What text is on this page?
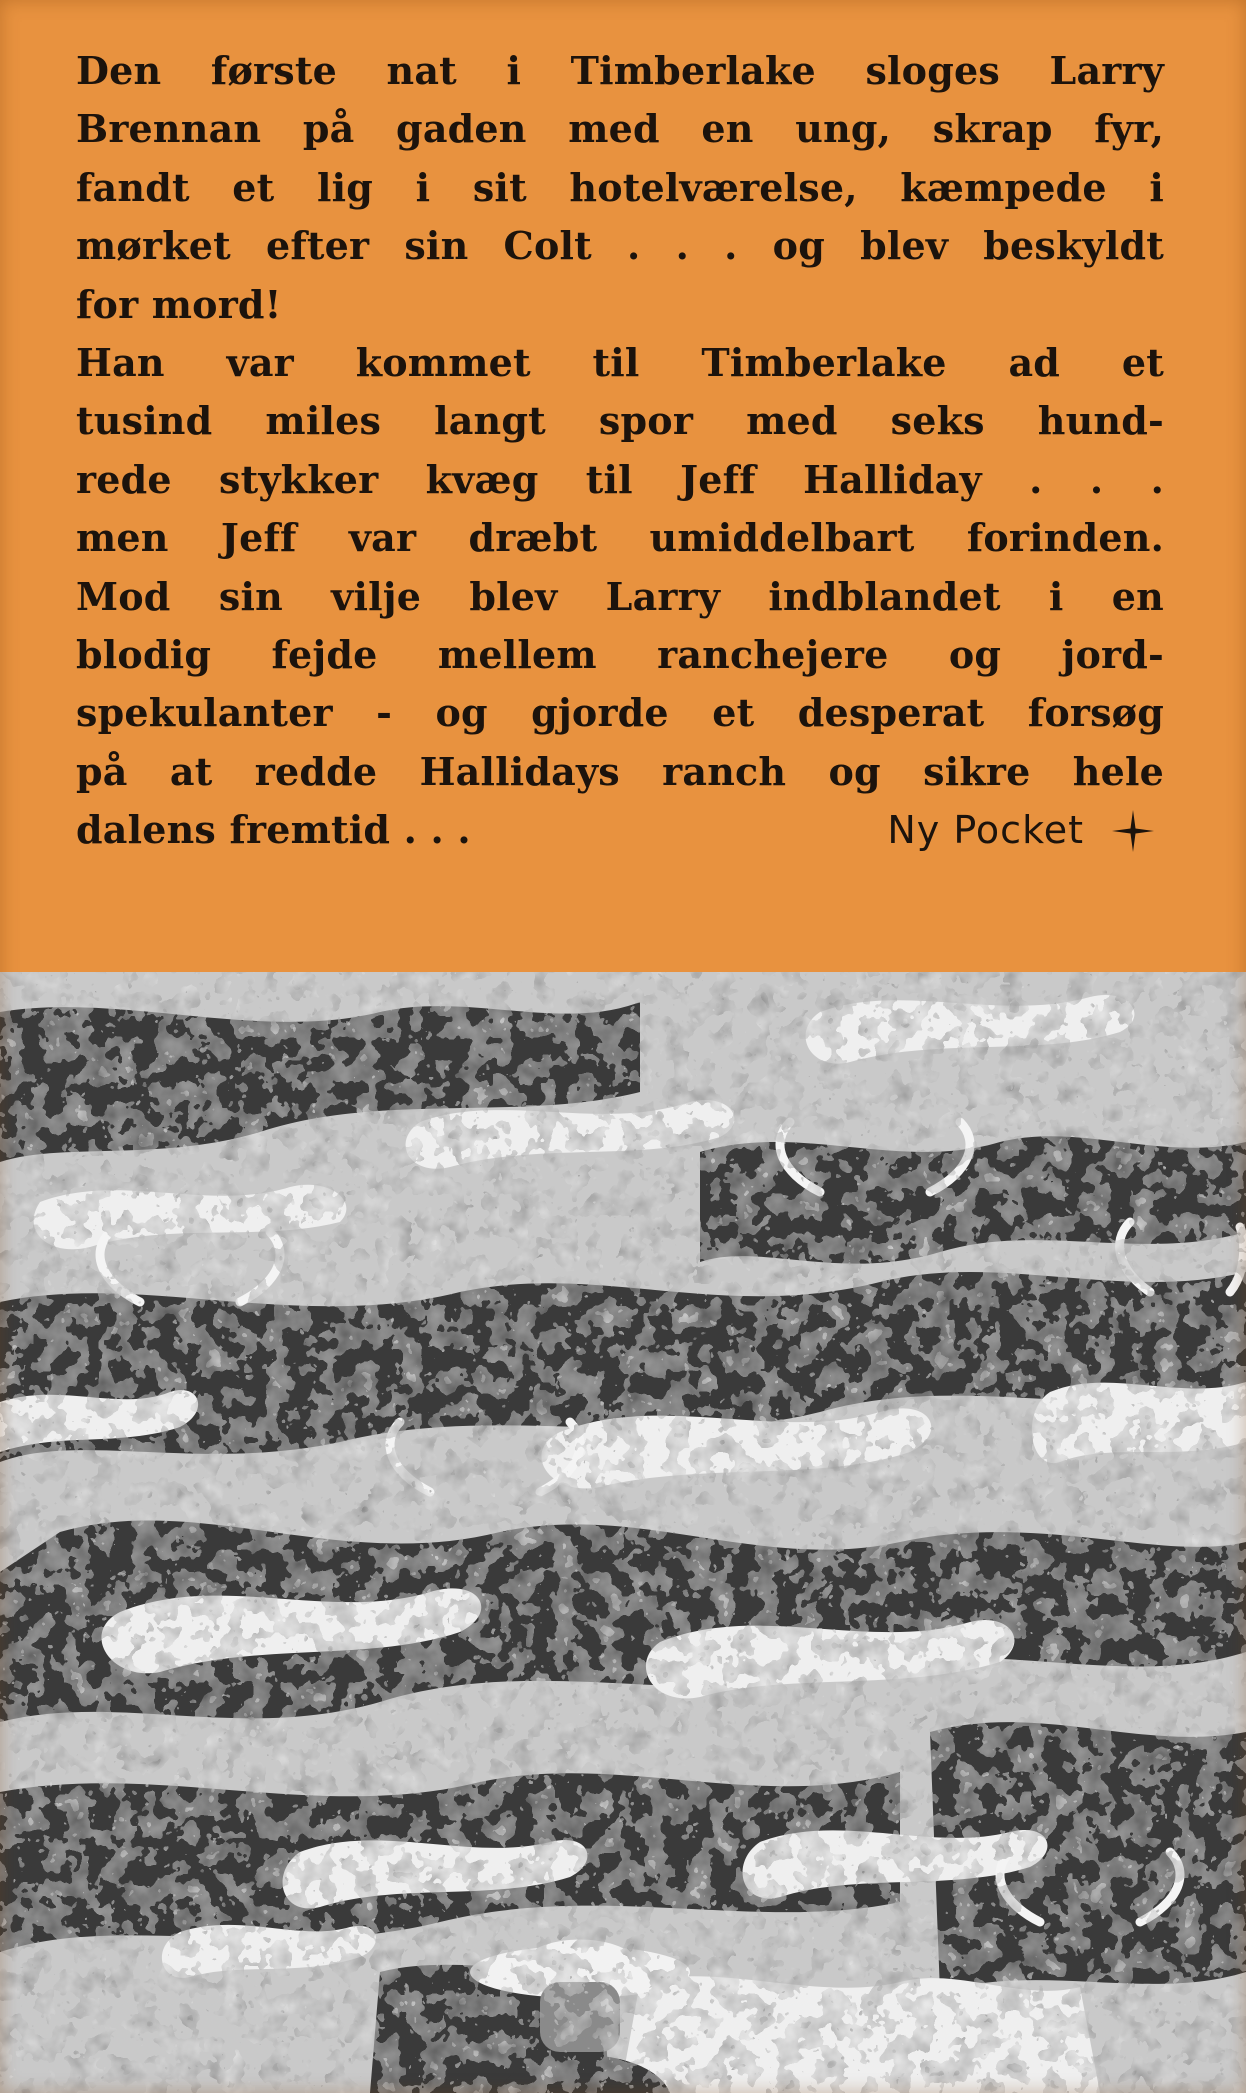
Den første nat i Timberlake sloges Larry
Brennan på gaden med en ung, skrap fyr,
fandt et lig i sit hotelværelse, kæmpede i
mørket efter sin Colt . . . og blev beskyldt
for mord!
Han var kommet til Timberlake ad et
tusind miles langt spor med seks hund-
rede stykker kvæg til Jeff Halliday . . .
men Jeff var dræbt umiddelbart forinden.
Mod sin vilje blev Larry indblandet i en
blodig fejde mellem ranchejere og jord-
spekulanter - og gjorde et desperat forsøg
på at redde Hallidays ranch og sikre hele
dalens fremtid . . .	Ny Pocket
